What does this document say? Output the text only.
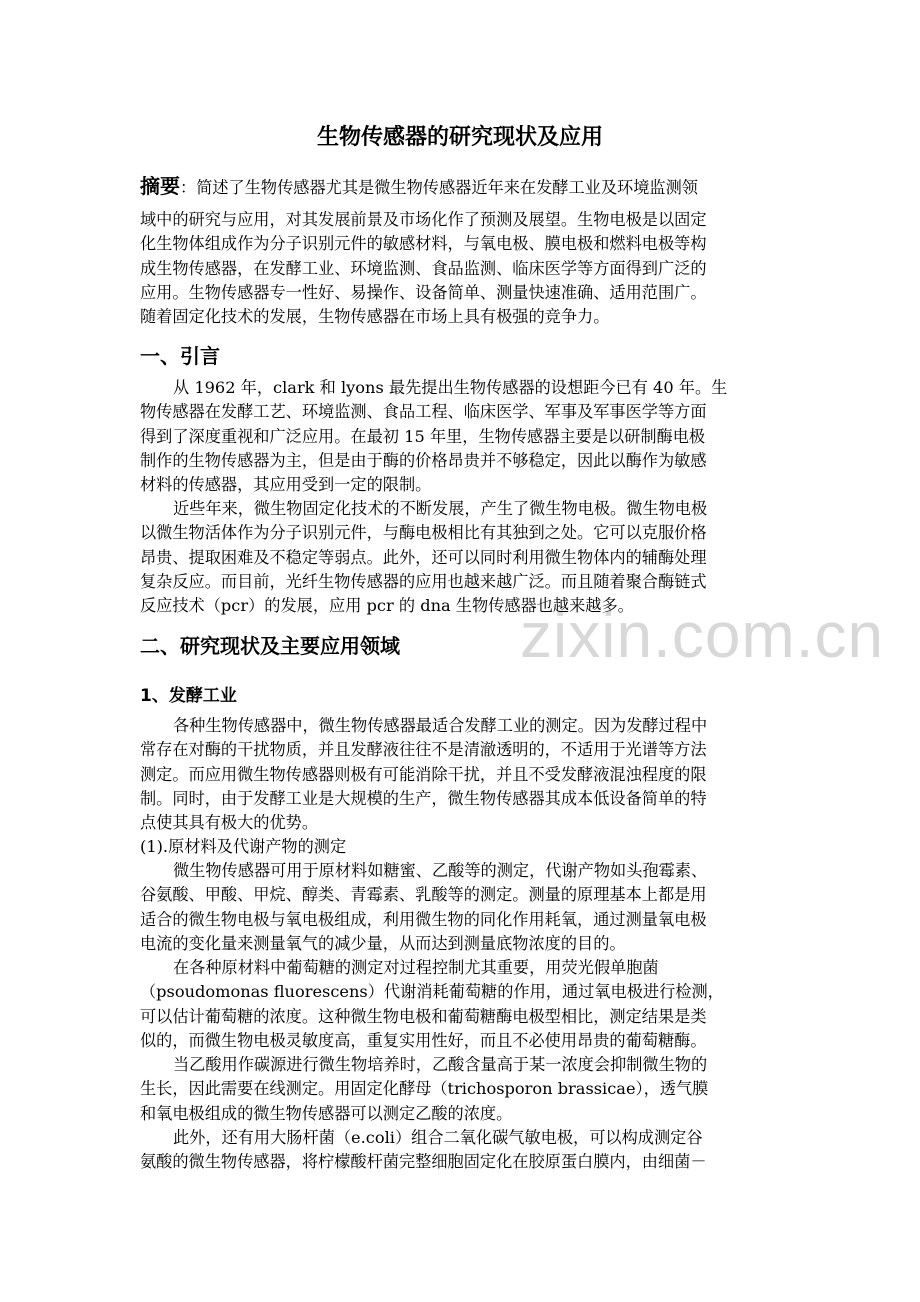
zixin.com.cn
生物传感器的研究现状及应用
摘要：简述了生物传感器尤其是微生物传感器近年来在发酵工业及环境监测领
域中的研究与应用，对其发展前景及市场化作了预测及展望。生物电极是以固定
化生物体组成作为分子识别元件的敏感材料，与氧电极、膜电极和燃料电极等构
成生物传感器，在发酵工业、环境监测、食品监测、临床医学等方面得到广泛的
应用。生物传感器专一性好、易操作、设备简单、测量快速准确、适用范围广。
随着固定化技术的发展，生物传感器在市场上具有极强的竞争力。
一、引言
从 1962 年，clark 和 lyons 最先提出生物传感器的设想距今已有 40 年。生
物传感器在发酵工艺、环境监测、食品工程、临床医学、军事及军事医学等方面
得到了深度重视和广泛应用。在最初 15 年里，生物传感器主要是以研制酶电极
制作的生物传感器为主，但是由于酶的价格昂贵并不够稳定，因此以酶作为敏感
材料的传感器，其应用受到一定的限制。
近些年来，微生物固定化技术的不断发展，产生了微生物电极。微生物电极
以微生物活体作为分子识别元件，与酶电极相比有其独到之处。它可以克服价格
昂贵、提取困难及不稳定等弱点。此外，还可以同时利用微生物体内的辅酶处理
复杂反应。而目前，光纤生物传感器的应用也越来越广泛。而且随着聚合酶链式
反应技术（pcr）的发展，应用 pcr 的 dna 生物传感器也越来越多。
二、研究现状及主要应用领域
1、发酵工业
各种生物传感器中，微生物传感器最适合发酵工业的测定。因为发酵过程中
常存在对酶的干扰物质，并且发酵液往往不是清澈透明的，不适用于光谱等方法
测定。而应用微生物传感器则极有可能消除干扰，并且不受发酵液混浊程度的限
制。同时，由于发酵工业是大规模的生产，微生物传感器其成本低设备简单的特
点使其具有极大的优势。
(1).原材料及代谢产物的测定
微生物传感器可用于原材料如糖蜜、乙酸等的测定，代谢产物如头孢霉素、
谷氨酸、甲酸、甲烷、醇类、青霉素、乳酸等的测定。测量的原理基本上都是用
适合的微生物电极与氧电极组成，利用微生物的同化作用耗氧，通过测量氧电极
电流的变化量来测量氧气的减少量，从而达到测量底物浓度的目的。
在各种原材料中葡萄糖的测定对过程控制尤其重要，用荧光假单胞菌
（psoudomonas fluorescens）代谢消耗葡萄糖的作用，通过氧电极进行检测，
可以估计葡萄糖的浓度。这种微生物电极和葡萄糖酶电极型相比，测定结果是类
似的，而微生物电极灵敏度高，重复实用性好，而且不必使用昂贵的葡萄糖酶。
当乙酸用作碳源进行微生物培养时，乙酸含量高于某一浓度会抑制微生物的
生长，因此需要在线测定。用固定化酵母（trichosporon brassicae），透气膜
和氧电极组成的微生物传感器可以测定乙酸的浓度。
此外，还有用大肠杆菌（e.coli）组合二氧化碳气敏电极，可以构成测定谷
氨酸的微生物传感器，将柠檬酸杆菌完整细胞固定化在胶原蛋白膜内，由细菌－
